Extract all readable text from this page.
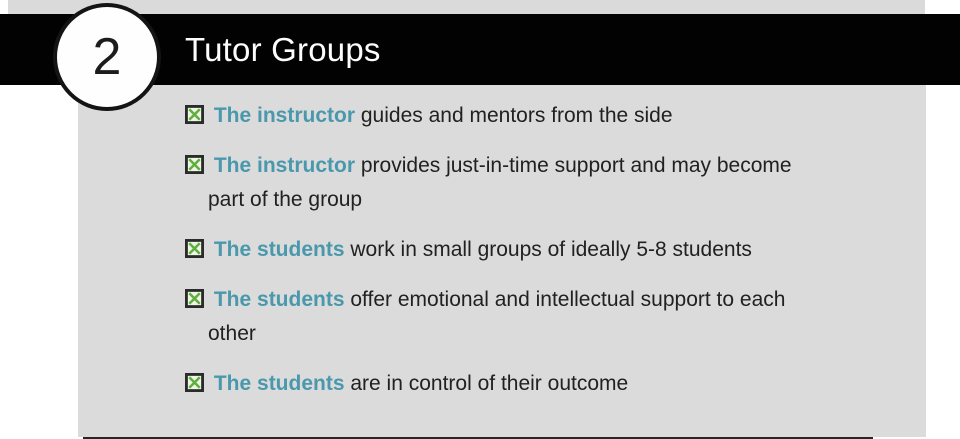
Tutor Groups
2

The instructor guides and mentors from the side

The instructor provides just-in-time support and may become part of the group

The students work in small groups of ideally 5-8 students

The students offer emotional and intellectual support to each other

The students are in control of their outcome
